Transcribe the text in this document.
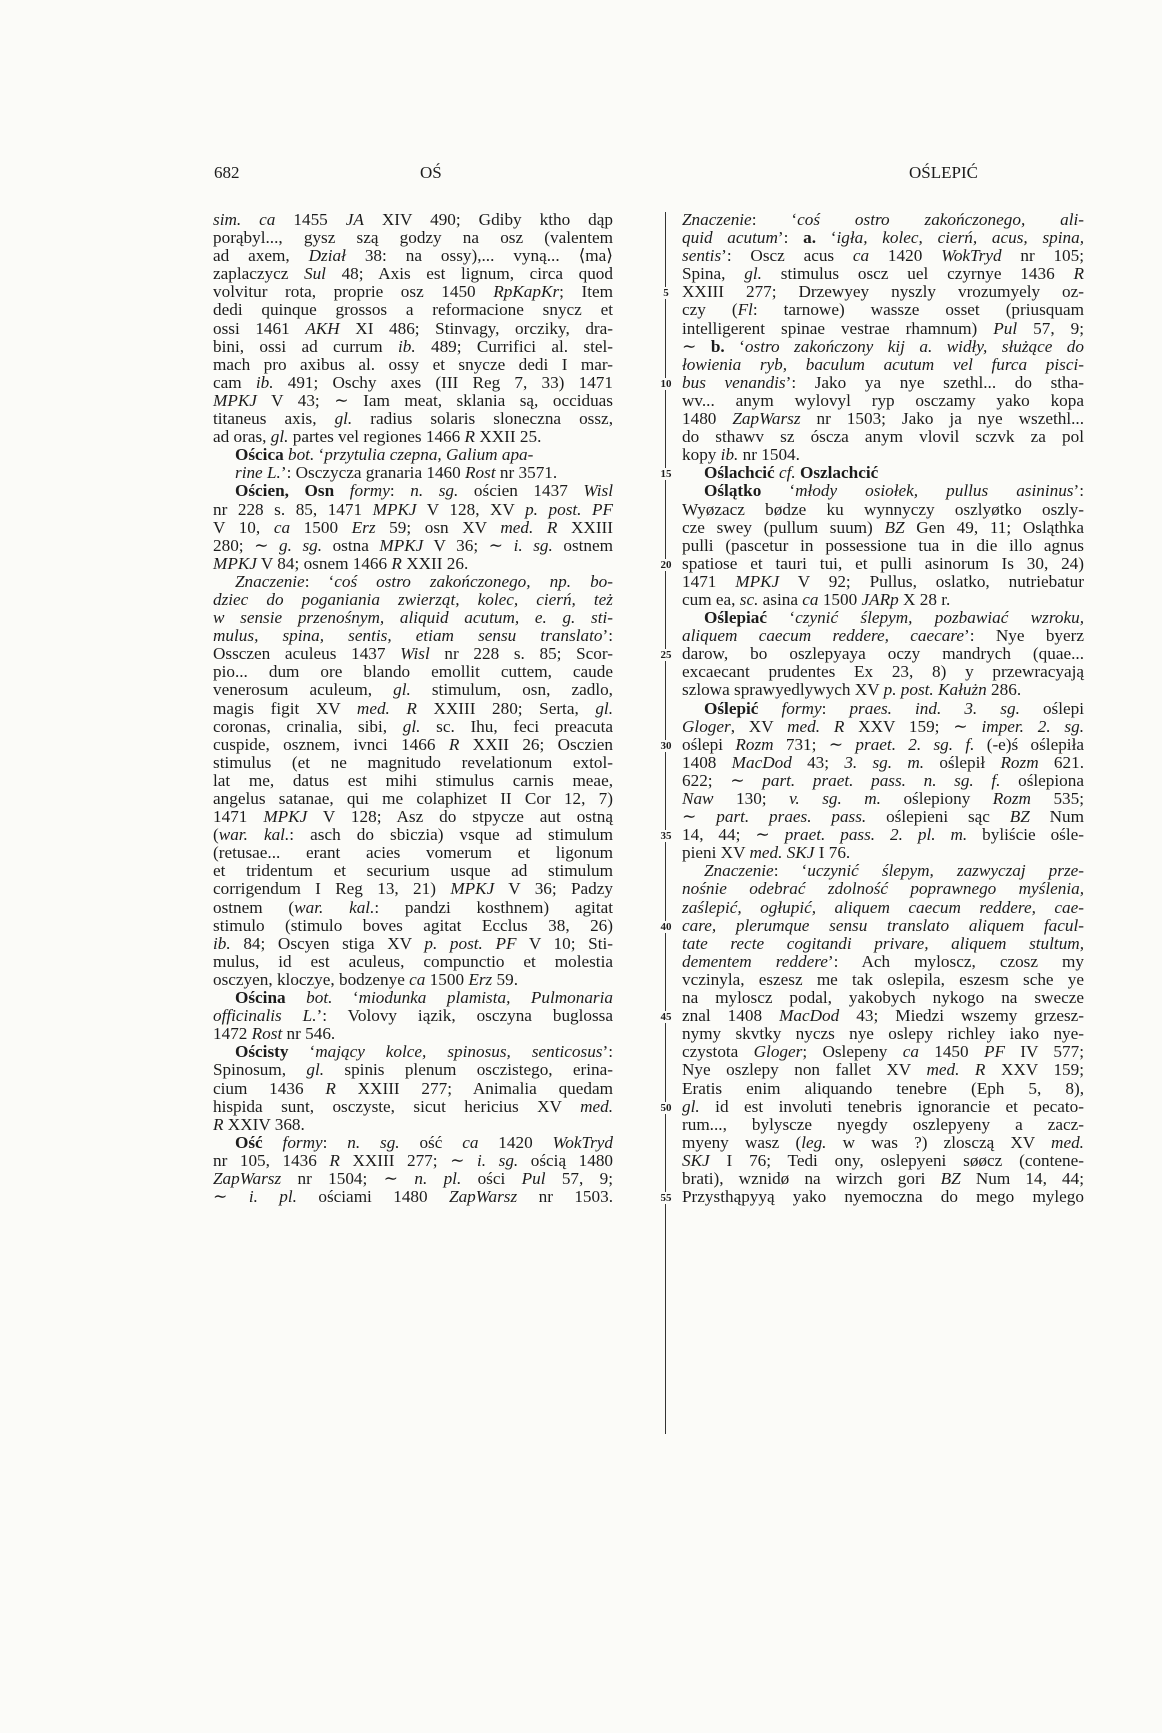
682	OŚ	OŚLEPIĆ
sim. ca 1455 JA XIV 490; Gdiby ktho dąp
porąbyl..., gysz szą godzy na osz (valentem
ad axem, Dział 38: na ossy),... vyną... ⟨ma⟩
zaplaczycz Sul 48; Axis est lignum, circa quod
volvitur rota, proprie osz 1450 RpKapKr; Item
dedi quinque grossos a reformacione snycz et
ossi 1461 AKH XI 486; Stinvagy, orcziky, dra-
bini, ossi ad currum ib. 489; Currifici al. stel-
mach pro axibus al. ossy et snycze dedi I mar-
cam ib. 491; Oschy axes (III Reg 7, 33) 1471
MPKJ V 43; ∼ Iam meat, sklania są, occiduas
titaneus axis, gl. radius solaris sloneczna ossz,
ad oras, gl. partes vel regiones 1466 R XXII 25.
Ościca bot. ‘przytulia czepna, Galium apa-
rine L.’: Osczycza granaria 1460 Rost nr 3571.
Ościen, Osn formy: n. sg. ościen 1437 Wisl
nr 228 s. 85, 1471 MPKJ V 128, XV p. post. PF
V 10, ca 1500 Erz 59; osn XV med. R XXIII
280; ∼ g. sg. ostna MPKJ V 36; ∼ i. sg. ostnem
MPKJ V 84; osnem 1466 R XXII 26.
Znaczenie: ‘coś ostro zakończonego, np. bo-
dziec do poganiania zwierząt, kolec, cierń, też
w sensie przenośnym, aliquid acutum, e. g. sti-
mulus, spina, sentis, etiam sensu translato’:
Ossczen aculeus 1437 Wisl nr 228 s. 85; Scor-
pio... dum ore blando emollit cuttem, caude
venerosum aculeum, gl. stimulum, osn, zadlo,
magis figit XV med. R XXIII 280; Serta, gl.
coronas, crinalia, sibi, gl. sc. Ihu, feci preacuta
cuspide, osznem, ivnci 1466 R XXII 26; Osczien
stimulus (et ne magnitudo revelationum extol-
lat me, datus est mihi stimulus carnis meae,
angelus satanae, qui me colaphizet II Cor 12, 7)
1471 MPKJ V 128; Asz do stpycze aut ostną
(war. kal.: asch do sbiczia) vsque ad stimulum
(retusae... erant acies vomerum et ligonum
et tridentum et securium usque ad stimulum
corrigendum I Reg 13, 21) MPKJ V 36; Padzy
ostnem (war. kal.: pandzi kosthnem) agitat
stimulo (stimulo boves agitat Ecclus 38, 26)
ib. 84; Oscyen stiga XV p. post. PF V 10; Sti-
mulus, id est aculeus, compunctio et molestia
osczyen, kloczye, bodzenye ca 1500 Erz 59.
Ościna bot. ‘miodunka plamista, Pulmonaria
officinalis L.’: Volovy iązik, osczyna buglossa
1472 Rost nr 546.
Ościsty ‘mający kolce, spinosus, senticosus’:
Spinosum, gl. spinis plenum osczistego, erina-
cium 1436 R XXIII 277; Animalia quedam
hispida sunt, osczyste, sicut hericius XV med.
R XXIV 368.
Ość formy: n. sg. ość ca 1420 WokTryd
nr 105, 1436 R XXIII 277; ∼ i. sg. ością 1480
ZapWarsz nr 1504; ∼ n. pl. ości Pul 57, 9;
∼ i. pl. ościami 1480 ZapWarsz nr 1503.
5
10
15
20
25
30
35
40
45
50
55
Znaczenie: ‘coś ostro zakończonego, ali-
quid acutum’: a. ‘igła, kolec, cierń, acus, spina,
sentis’: Oscz acus ca 1420 WokTryd nr 105;
Spina, gl. stimulus oscz uel czyrnye 1436 R
XXIII 277; Drzewyey nyszly vrozumyely oz-
czy (Fl: tarnowe) wassze osset (priusquam
intelligerent spinae vestrae rhamnum) Pul 57, 9;
∼ b. ‘ostro zakończony kij a. widły, służące do
łowienia ryb, baculum acutum vel furca pisci-
bus venandis’: Jako ya nye szethl... do stha-
wv... anym wylovyl ryp osczamy yako kopa
1480 ZapWarsz nr 1503; Jako ja nye wszethl...
do sthawv sz óscza anym vlovil sczvk za pol
kopy ib. nr 1504.
Oślachcić cf. Oszlachcić
Oślątko ‘młody osiołek, pullus asininus’:
Wyøzacz bødze ku wynnyczy oszlyøtko oszly-
cze swey (pullum suum) BZ Gen 49, 11; Osląthka
pulli (pascetur in possessione tua in die illo agnus
spatiose et tauri tui, et pulli asinorum Is 30, 24)
1471 MPKJ V 92; Pullus, oslatko, nutriebatur
cum ea, sc. asina ca 1500 JARp X 28 r.
Oślepiać ‘czynić ślepym, pozbawiać wzroku,
aliquem caecum reddere, caecare’: Nye byerz
darow, bo oszlepyaya oczy mandrych (quae...
excaecant prudentes Ex 23, 8) y przewracyają
szlowa sprawyedlywych XV p. post. Kałużn 286.
Oślepić formy: praes. ind. 3. sg. oślepi
Gloger, XV med. R XXV 159; ∼ imper. 2. sg.
oślepi Rozm 731; ∼ praet. 2. sg. f. (-e)ś oślepiła
1408 MacDod 43; 3. sg. m. oślepił Rozm 621.
622; ∼ part. praet. pass. n. sg. f. oślepiona
Naw 130; v. sg. m. oślepiony Rozm 535;
∼ part. praes. pass. oślepieni sąc BZ Num
14, 44; ∼ praet. pass. 2. pl. m. byliście ośle-
pieni XV med. SKJ I 76.
Znaczenie: ‘uczynić ślepym, zazwyczaj prze-
nośnie odebrać zdolność poprawnego myślenia,
zaślepić, ogłupić, aliquem caecum reddere, cae-
care, plerumque sensu translato aliquem facul-
tate recte cogitandi privare, aliquem stultum,
dementem reddere’: Ach myloscz, czosz my
vczinyla, eszesz me tak oslepila, eszesm sche ye
na myloscz podal, yakobych nykogo na swecze
znal 1408 MacDod 43; Miedzi wszemy grzesz-
nymy skvtky nyczs nye oslepy richley iako nye-
czystota Gloger; Oslepeny ca 1450 PF IV 577;
Nye oszlepy non fallet XV med. R XXV 159;
Eratis enim aliquando tenebre (Eph 5, 8),
gl. id est involuti tenebris ignorancie et pecato-
rum..., bylyscze nyegdy oszlepyeny a zacz-
myeny wasz (leg. w was ?) zlosczą XV med.
SKJ I 76; Tedi ony, oslepyeni søøcz (contene-
brati), wznidø na wirzch gori BZ Num 14, 44;
Przysthąpyyą yako nyemoczna do mego mylego
